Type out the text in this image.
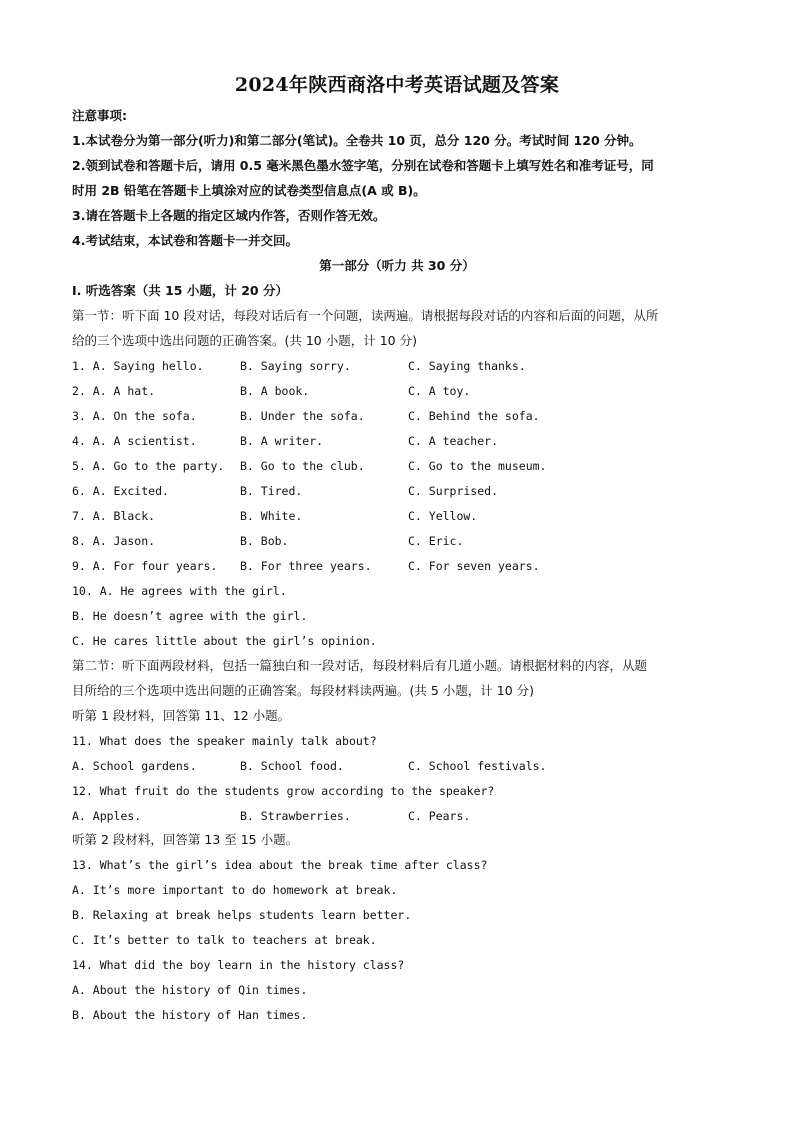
2024年陕西商洛中考英语试题及答案
注意事项:
1.本试卷分为第一部分(听力)和第二部分(笔试)。全卷共 10 页，总分 120 分。考试时间 120 分钟。
2.领到试卷和答题卡后，请用 0.5 毫米黑色墨水签字笔，分别在试卷和答题卡上填写姓名和准考证号，同
时用 2B 铅笔在答题卡上填涂对应的试卷类型信息点(A 或 B)。
3.请在答题卡上各题的指定区域内作答，否则作答无效。
4.考试结束，本试卷和答题卡一并交回。
第一部分（听力 共 30 分）
Ⅰ. 听选答案（共 15 小题，计 20 分）
第一节：听下面 10 段对话，每段对话后有一个问题，读两遍。请根据每段对话的内容和后面的问题，从所
给的三个选项中选出问题的正确答案。(共 10 小题，计 10 分)
1. A. Saying hello.	B. Saying sorry.	C. Saying thanks.
2. A. A hat.	B. A book.	C. A toy.
3. A. On the sofa.	B. Under the sofa.	C. Behind the sofa.
4. A. A scientist.	B. A writer.	C. A teacher.
5. A. Go to the party. B. Go to the club.	C. Go to the museum.
6. A. Excited.	B. Tired.	C. Surprised.
7. A. Black.	B. White.	C. Yellow.
8. A. Jason.	B. Bob.	C. Eric.
9. A. For four years. B. For three years.	C. For seven years.
10. A. He agrees with the girl.
B. He doesn’t agree with the girl.
C. He cares little about the girl’s opinion.
第二节：听下面两段材料，包括一篇独白和一段对话，每段材料后有几道小题。请根据材料的内容，从题
目所给的三个选项中选出问题的正确答案。每段材料读两遍。(共 5 小题，计 10 分)
听第 1 段材料，回答第 11、12 小题。
11. What does the speaker mainly talk about?
A. School gardens.	B. School food.	C. School festivals.
12. What fruit do the students grow according to the speaker?
A. Apples.	B. Strawberries.	C. Pears.
听第 2 段材料，回答第 13 至 15 小题。
13. What’s the girl’s idea about the break time after class?
A. It’s more important to do homework at break.
B. Relaxing at break helps students learn better.
C. It’s better to talk to teachers at break.
14. What did the boy learn in the history class?
A. About the history of Qin times.
B. About the history of Han times.
